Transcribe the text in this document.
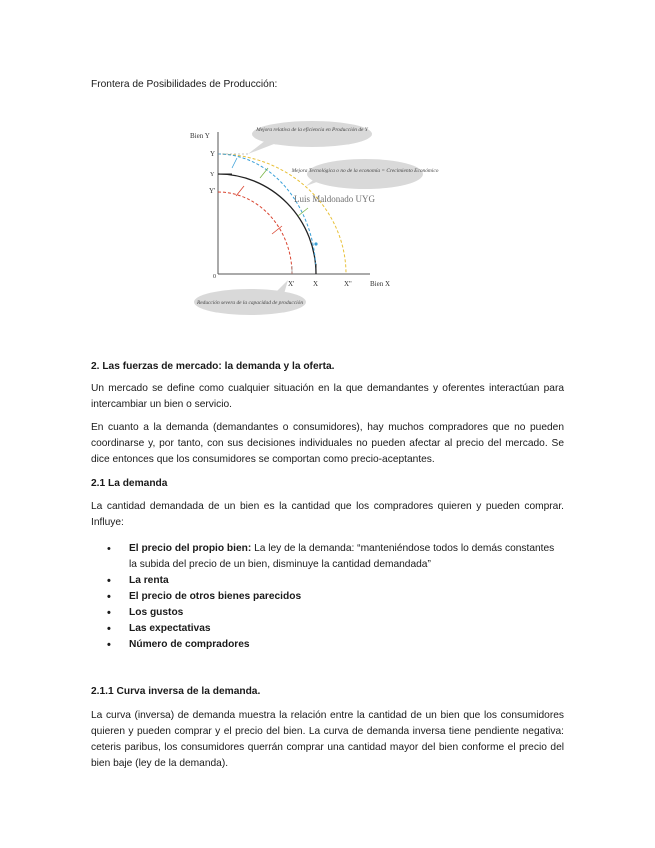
Frontera de Posibilidades de Producción:

Bien Y
Bien X
Y
Y
Y'
0
X'	X	X''
Mejora relativa de la eficiencia en Producción de Y
Mejora Tecnológica o no de la economía = Crecimiento Económico
Luis Maldonado UYG
Reducción severa de la capacidad de producción

2. Las fuerzas de mercado: la demanda y la oferta.

Un mercado se define como cualquier situación en la que demandantes y oferentes interactúan para intercambiar un bien o servicio.

En cuanto a la demanda (demandantes o consumidores), hay muchos compradores que no pueden coordinarse y, por tanto, con sus decisiones individuales no pueden afectar al precio del mercado. Se dice entonces que los consumidores se comportan como precio-aceptantes.

2.1 La demanda

La cantidad demandada de un bien es la cantidad que los compradores quieren y pueden comprar. Influye:

• El precio del propio bien: La ley de la demanda: “manteniéndose todos lo demás constantes la subida del precio de un bien, disminuye la cantidad demandada”
• La renta
• El precio de otros bienes parecidos
• Los gustos
• Las expectativas
• Número de compradores

2.1.1 Curva inversa de la demanda.

La curva (inversa) de demanda muestra la relación entre la cantidad de un bien que los consumidores quieren y pueden comprar y el precio del bien. La curva de demanda inversa tiene pendiente negativa: ceteris paribus, los consumidores querrán comprar una cantidad mayor del bien conforme el precio del bien baje (ley de la demanda).
